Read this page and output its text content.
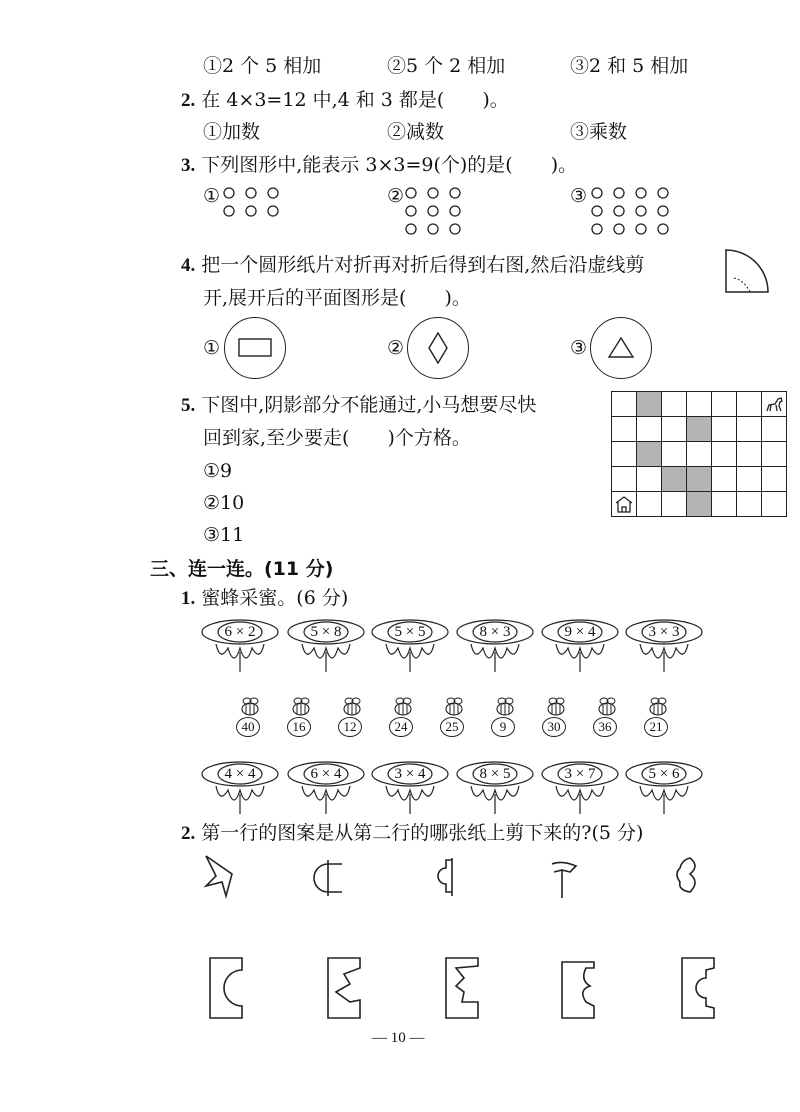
①2 个 5 相加	②5 个 2 相加	③2 和 5 相加
2. 在 4×3=12 中,4 和 3 都是(　　)。
①加数	②减数	③乘数
3. 下列图形中,能表示 3×3=9(个)的是(　　)。
①	②	③
4. 把一个圆形纸片对折再对折后得到右图,然后沿虚线剪
开,展开后的平面图形是(　　)。
①	②	③
5. 下图中,阴影部分不能通过,小马想要尽快
回到家,至少要走(　　)个方格。
①9
②10
③11

三、连一连。(11 分)
1. 蜜蜂采蜜。(6 分)
6 × 2	5 × 8	5 × 5	8 × 3	9 × 4	3 × 3
40	16	12	24	25	9	30	36	21
4 × 4	6 × 4	3 × 4	8 × 5	3 × 7	5 × 6
2. 第一行的图案是从第二行的哪张纸上剪下来的?(5 分)
— 10 —
